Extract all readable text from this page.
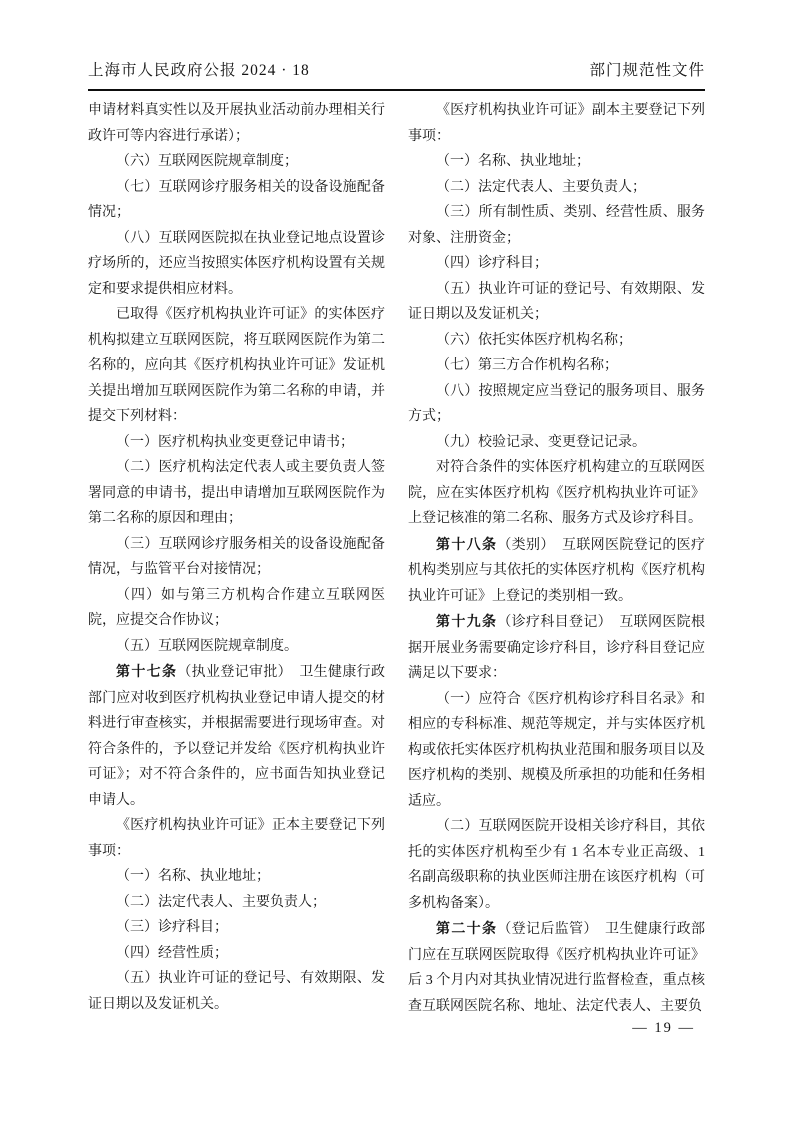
上海市人民政府公报 2024 · 18	部门规范性文件

申请材料真实性以及开展执业活动前办理相关行政许可等内容进行承诺）；

（六）互联网医院规章制度；

（七）互联网诊疗服务相关的设备设施配备情况；

（八）互联网医院拟在执业登记地点设置诊疗场所的，还应当按照实体医疗机构设置有关规定和要求提供相应材料。

已取得《医疗机构执业许可证》的实体医疗机构拟建立互联网医院，将互联网医院作为第二名称的，应向其《医疗机构执业许可证》发证机关提出增加互联网医院作为第二名称的申请，并提交下列材料：

（一）医疗机构执业变更登记申请书；

（二）医疗机构法定代表人或主要负责人签署同意的申请书，提出申请增加互联网医院作为第二名称的原因和理由；

（三）互联网诊疗服务相关的设备设施配备情况，与监管平台对接情况；

（四）如与第三方机构合作建立互联网医院，应提交合作协议；

（五）互联网医院规章制度。

第十七条（执业登记审批）　卫生健康行政部门应对收到医疗机构执业登记申请人提交的材料进行审查核实，并根据需要进行现场审查。对符合条件的，予以登记并发给《医疗机构执业许可证》；对不符合条件的，应书面告知执业登记申请人。

《医疗机构执业许可证》正本主要登记下列事项：

（一）名称、执业地址；

（二）法定代表人、主要负责人；

（三）诊疗科目；

（四）经营性质；

（五）执业许可证的登记号、有效期限、发证日期以及发证机关。

《医疗机构执业许可证》副本主要登记下列事项：

（一）名称、执业地址；

（二）法定代表人、主要负责人；

（三）所有制性质、类别、经营性质、服务对象、注册资金；

（四）诊疗科目；

（五）执业许可证的登记号、有效期限、发证日期以及发证机关；

（六）依托实体医疗机构名称；

（七）第三方合作机构名称；

（八）按照规定应当登记的服务项目、服务方式；

（九）校验记录、变更登记记录。

对符合条件的实体医疗机构建立的互联网医院，应在实体医疗机构《医疗机构执业许可证》上登记核准的第二名称、服务方式及诊疗科目。

第十八条（类别）　互联网医院登记的医疗机构类别应与其依托的实体医疗机构《医疗机构执业许可证》上登记的类别相一致。

第十九条（诊疗科目登记）　互联网医院根据开展业务需要确定诊疗科目，诊疗科目登记应满足以下要求：

（一）应符合《医疗机构诊疗科目名录》和相应的专科标准、规范等规定，并与实体医疗机构或依托实体医疗机构执业范围和服务项目以及医疗机构的类别、规模及所承担的功能和任务相适应。

（二）互联网医院开设相关诊疗科目，其依托的实体医疗机构至少有 1 名本专业正高级、1 名副高级职称的执业医师注册在该医疗机构（可多机构备案）。

第二十条（登记后监管）　卫生健康行政部门应在互联网医院取得《医疗机构执业许可证》后 3 个月内对其执业情况进行监督检查，重点核查互联网医院名称、地址、法定代表人、主要负

— 19 —
